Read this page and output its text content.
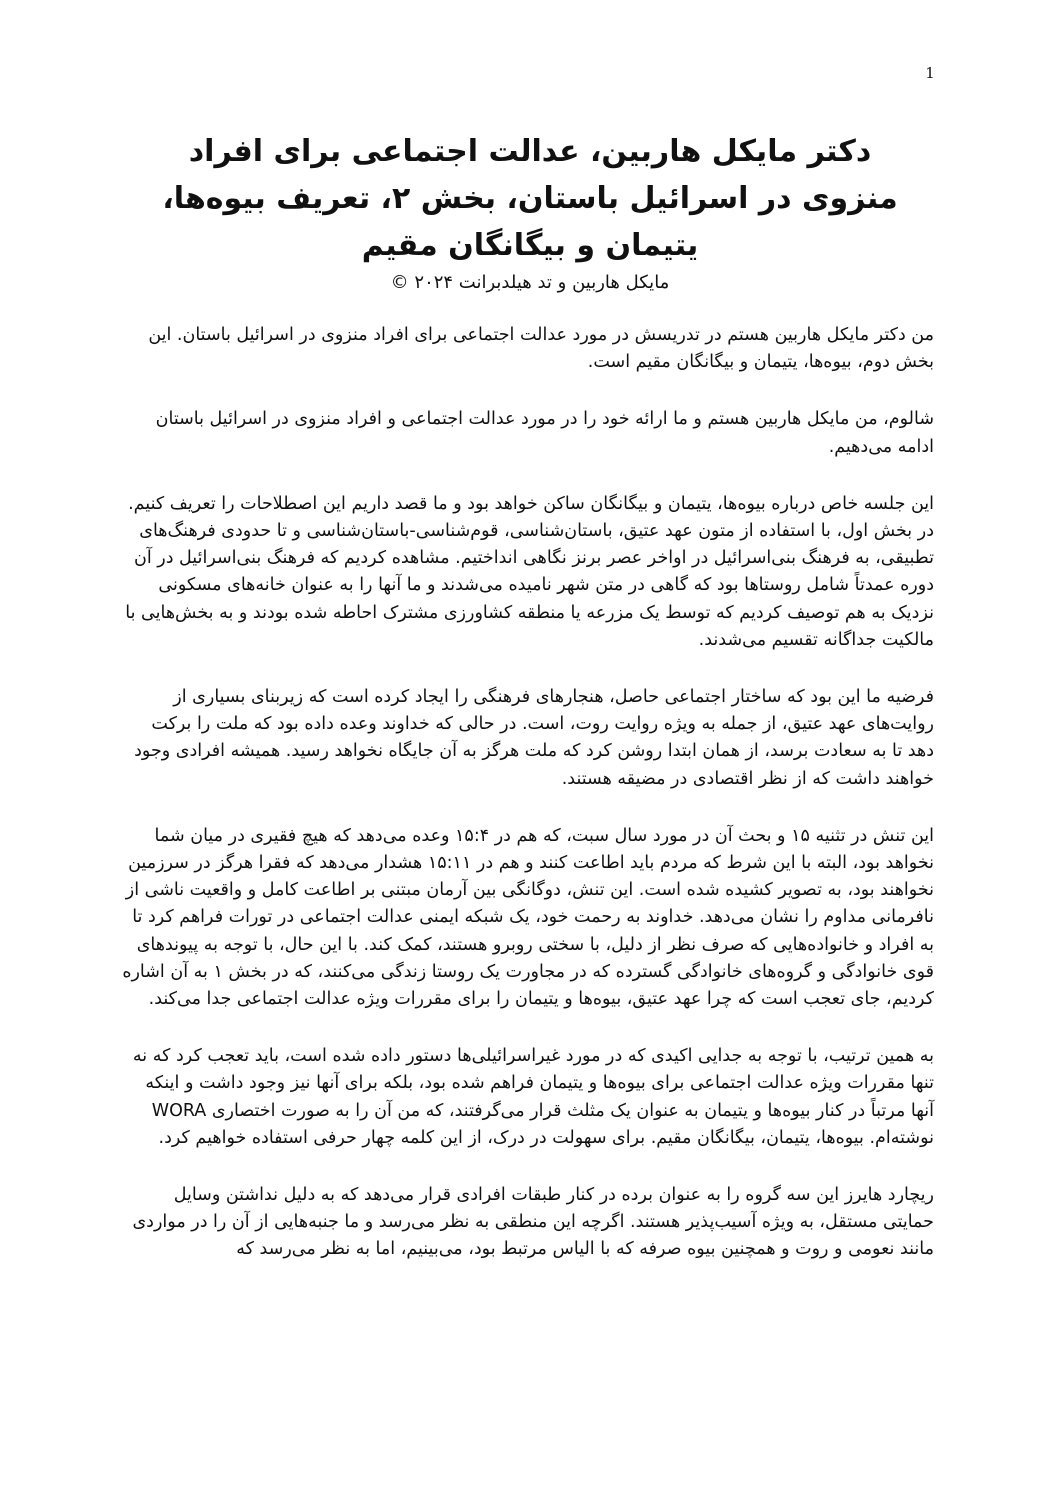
1
دکتر مایکل هاربین، عدالت اجتماعی برای افراد منزوی در اسرائیل باستان، بخش ۲، تعریف بیوه‌ها، یتیمان و بیگانگان مقیم
مایکل هاربین و تد هیلدبرانت ۲۰۲۴ ©

من دکتر مایکل هاربین هستم در تدریسش در مورد عدالت اجتماعی برای افراد منزوی در اسرائیل باستان. این بخش دوم، بیوه‌ها، یتیمان و بیگانگان مقیم است.

شالوم، من مایکل هاربین هستم و ما ارائه خود را در مورد عدالت اجتماعی و افراد منزوی در اسرائیل باستان ادامه می‌دهیم.

این جلسه خاص درباره بیوه‌ها، یتیمان و بیگانگان ساکن خواهد بود و ما قصد داریم این اصطلاحات را تعریف کنیم. در بخش اول، با استفاده از متون عهد عتیق، باستان‌شناسی، قوم‌شناسی-باستان‌شناسی و تا حدودی فرهنگ‌های تطبیقی، به فرهنگ بنی‌اسرائیل در اواخر عصر برنز نگاهی انداختیم. مشاهده کردیم که فرهنگ بنی‌اسرائیل در آن دوره عمدتاً شامل روستاها بود که گاهی در متن شهر نامیده می‌شدند و ما آنها را به عنوان خانه‌های مسکونی نزدیک به هم توصیف کردیم که توسط یک مزرعه یا منطقه کشاورزی مشترک احاطه شده بودند و به بخش‌هایی با مالکیت جداگانه تقسیم می‌شدند.

فرضیه ما این بود که ساختار اجتماعی حاصل، هنجارهای فرهنگی را ایجاد کرده است که زیربنای بسیاری از روایت‌های عهد عتیق، از جمله به ویژه روایت روت، است. در حالی که خداوند وعده داده بود که ملت را برکت دهد تا به سعادت برسد، از همان ابتدا روشن کرد که ملت هرگز به آن جایگاه نخواهد رسید. همیشه افرادی وجود خواهند داشت که از نظر اقتصادی در مضیقه هستند.

این تنش در تثنیه ۱۵ و بحث آن در مورد سال سبت، که هم در ۱۵:۴ وعده می‌دهد که هیچ فقیری در میان شما نخواهد بود، البته با این شرط که مردم باید اطاعت کنند و هم در ۱۵:۱۱ هشدار می‌دهد که فقرا هرگز در سرزمین نخواهند بود، به تصویر کشیده شده است. این تنش، دوگانگی بین آرمان مبتنی بر اطاعت کامل و واقعیت ناشی از نافرمانی مداوم را نشان می‌دهد. خداوند به رحمت خود، یک شبکه ایمنی عدالت اجتماعی در تورات فراهم کرد تا به افراد و خانواده‌هایی که صرف نظر از دلیل، با سختی روبرو هستند، کمک کند. با این حال، با توجه به پیوندهای قوی خانوادگی و گروه‌های خانوادگی گسترده که در مجاورت یک روستا زندگی می‌کنند، که در بخش ۱ به آن اشاره کردیم، جای تعجب است که چرا عهد عتیق، بیوه‌ها و یتیمان را برای مقررات ویژه عدالت اجتماعی جدا می‌کند.

به همین ترتیب، با توجه به جدایی اکیدی که در مورد غیراسرائیلی‌ها دستور داده شده است، باید تعجب کرد که نه تنها مقررات ویژه عدالت اجتماعی برای بیوه‌ها و یتیمان فراهم شده بود، بلکه برای آنها نیز وجود داشت و اینکه آنها مرتباً در کنار بیوه‌ها و یتیمان به عنوان یک مثلث قرار می‌گرفتند، که من آن را به صورت اختصاری WORA نوشته‌ام. بیوه‌ها، یتیمان، بیگانگان مقیم. برای سهولت در درک، از این کلمه چهار حرفی استفاده خواهیم کرد.

ریچارد هایرز این سه گروه را به عنوان برده در کنار طبقات افرادی قرار می‌دهد که به دلیل نداشتن وسایل حمایتی مستقل، به ویژه آسیب‌پذیر هستند. اگرچه این منطقی به نظر می‌رسد و ما جنبه‌هایی از آن را در مواردی مانند نعومی و روت و همچنین بیوه صرفه که با الیاس مرتبط بود، می‌بینیم، اما به نظر می‌رسد که
